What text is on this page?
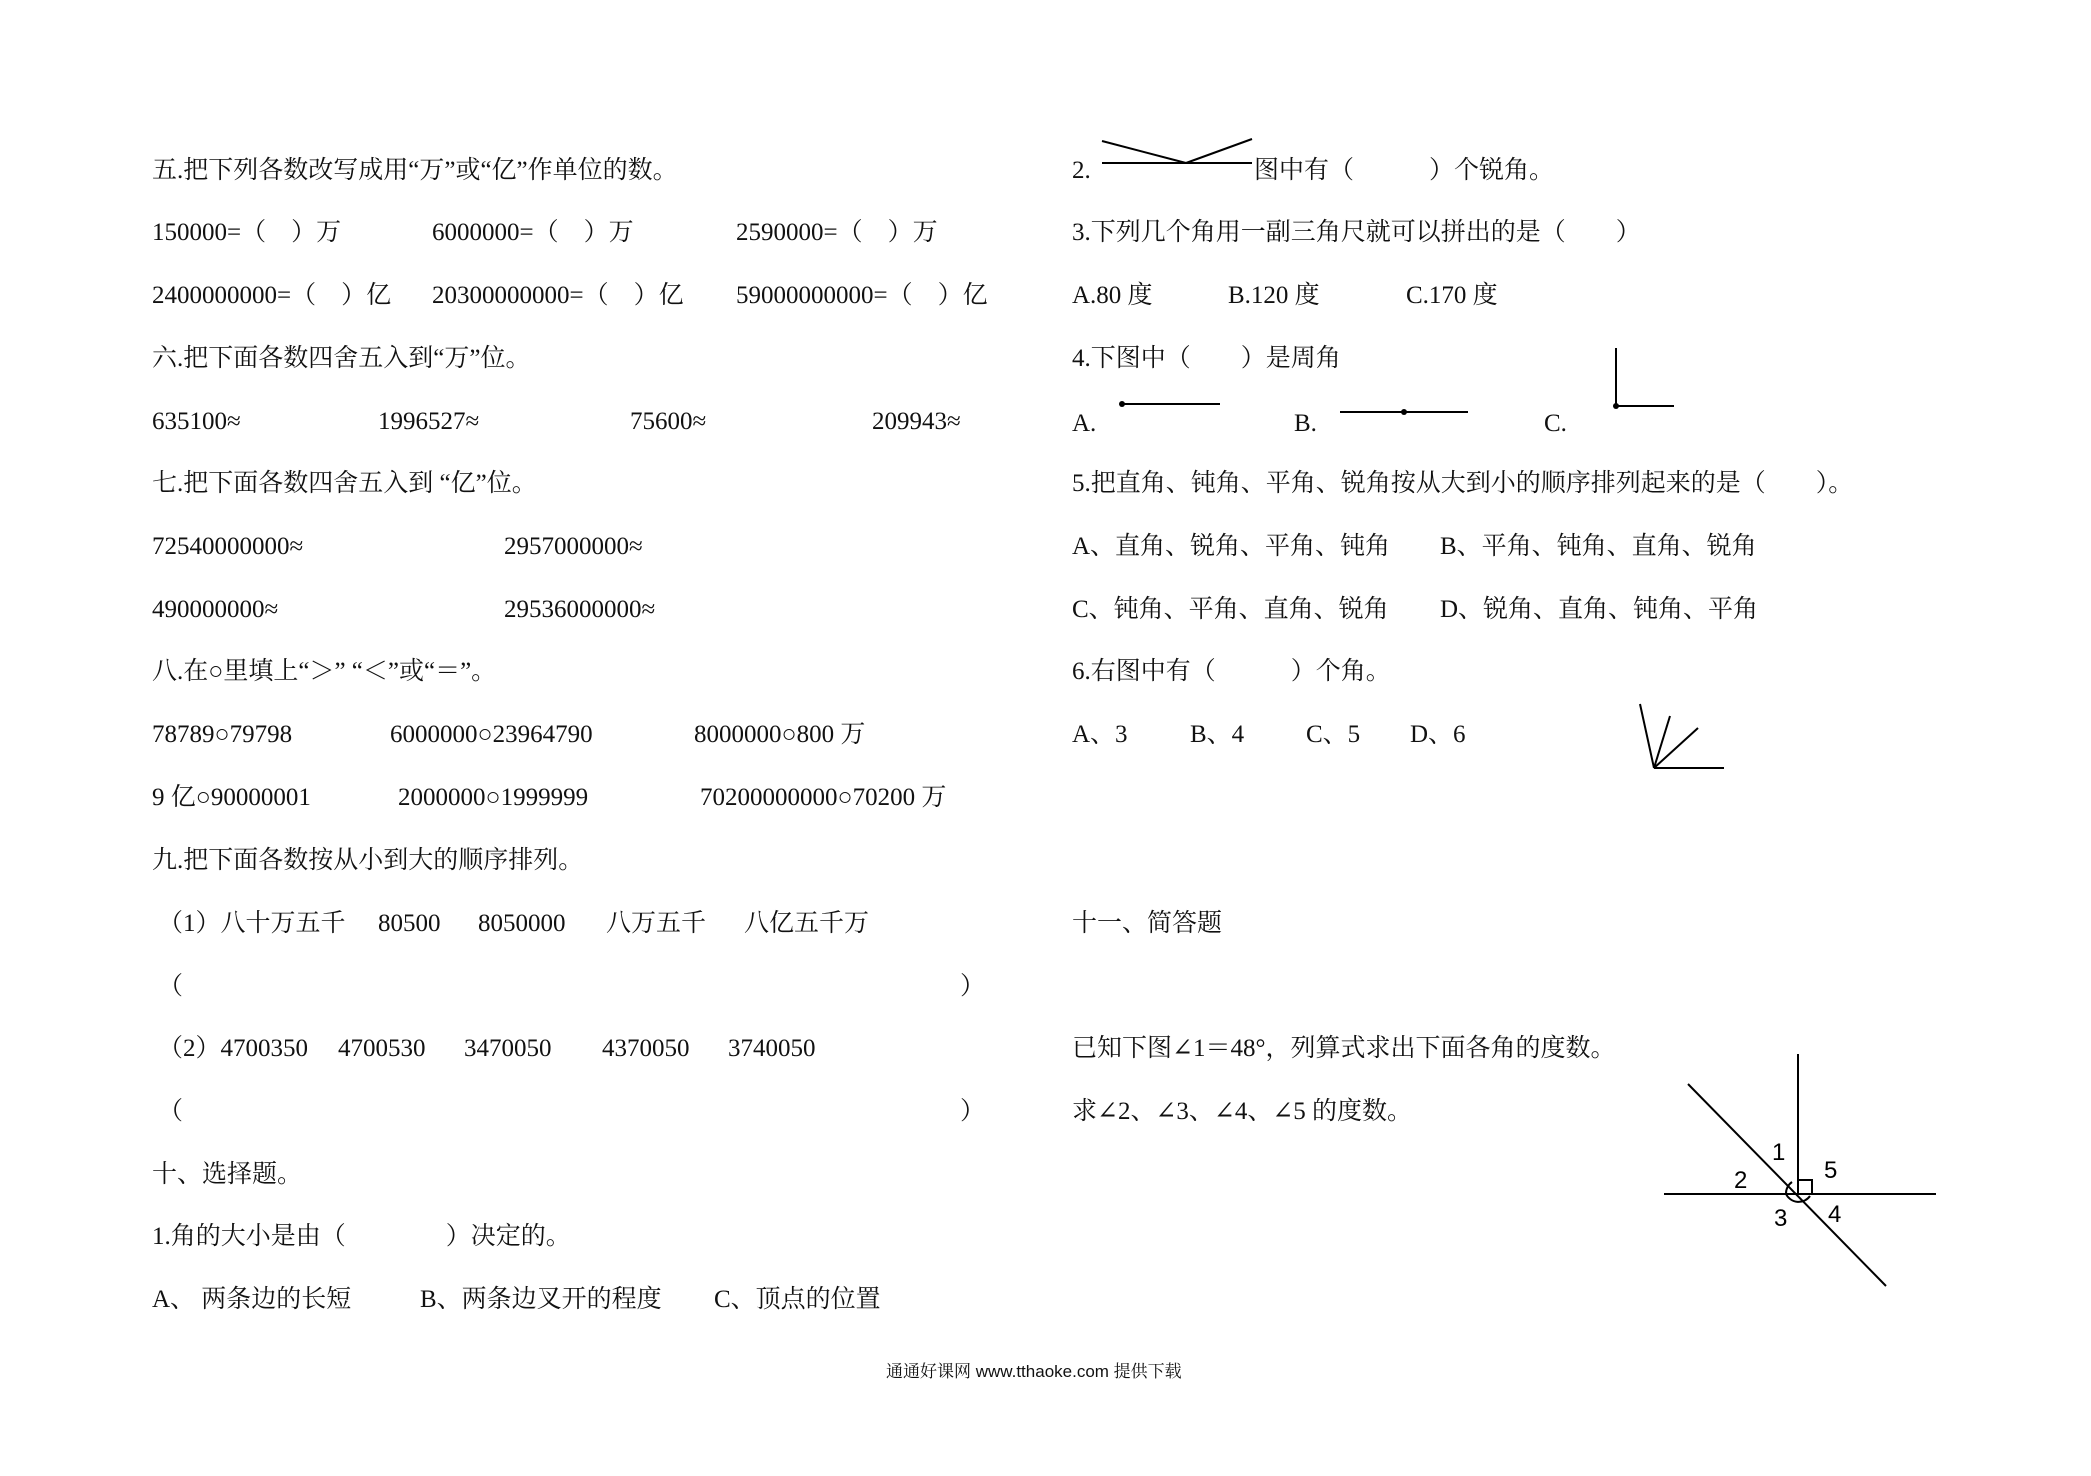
五.把下列各数改写成用“万”或“亿”作单位的数。
150000=（　）万	6000000=（　）万	2590000=（　）万
2400000000=（　）亿 20300000000=（　）亿 59000000000=（　）亿
六.把下面各数四舍五入到“万”位。
635100≈	1996527≈	75600≈	209943≈
七.把下面各数四舍五入到 “亿”位。
72540000000≈	2957000000≈
490000000≈	29536000000≈
八.在○里填上“＞” “＜”或“＝”。
78789○79798	6000000○23964790	8000000○800 万
9 亿○90000001	2000000○1999999	70200000000○70200 万
九.把下面各数按从小到大的顺序排列。
（1）八十万五千 80500 8050000 八万五千 八亿五千万
（	）
（2）4700350 4700530 3470050 4370050 3740050
（	）
十、选择题。
1.角的大小是由（　　　　）决定的。
A、 两条边的长短	B、两条边叉开的程度 C、顶点的位置
2.	图中有（　　　）个锐角。
3.下列几个角用一副三角尺就可以拼出的是（　　）
A.80 度	B.120 度	C.170 度
4.下图中（　　）是周角
A.	B.	C.
5.把直角、钝角、平角、锐角按从大到小的顺序排列起来的是（　　）。
A、直角、锐角、平角、钝角 B、平角、钝角、直角、锐角
C、钝角、平角、直角、锐角 D、锐角、直角、钝角、平角
6.右图中有（　　　）个角。
A、3 B、4 C、5 D、6
十一、简答题
已知下图∠1＝48°，列算式求出下面各角的度数。
求∠2、∠3、∠4、∠5 的度数。
1
2
3 4
5
通通好课网 www.tthaoke.com 提供下载
